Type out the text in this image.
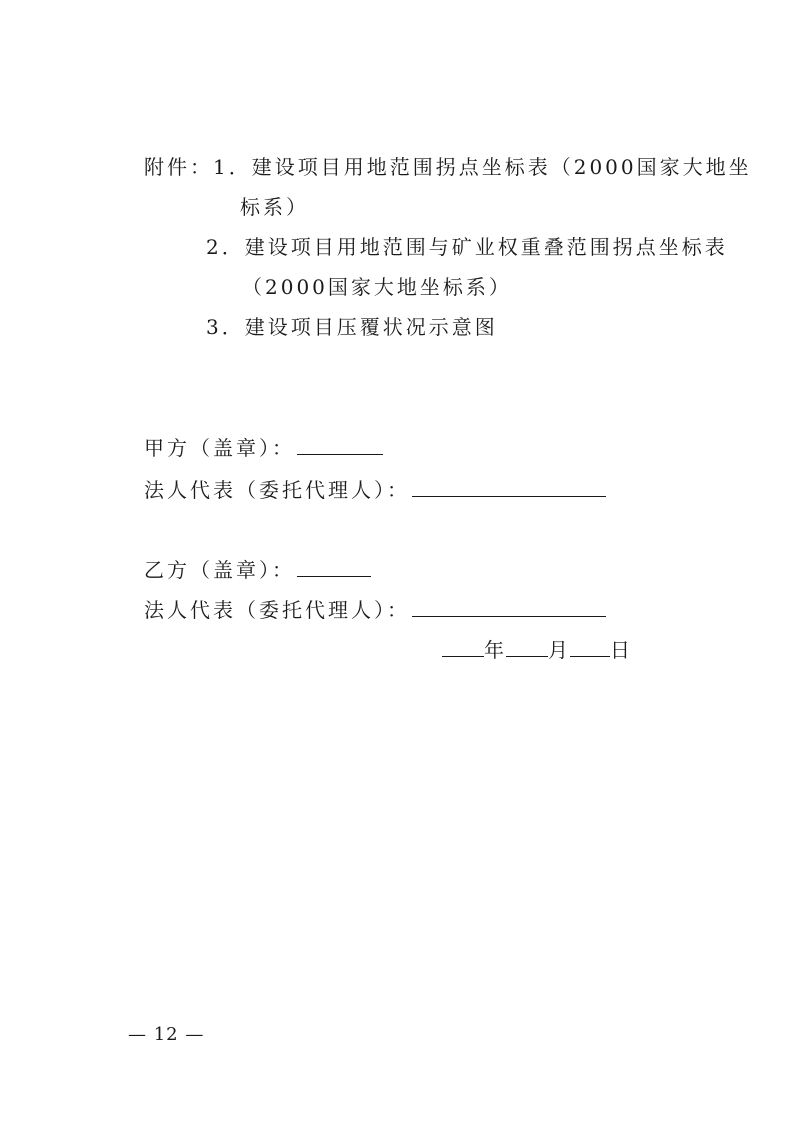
附件：1．建设项目用地范围拐点坐标表（2000国家大地坐
标系）
2．建设项目用地范围与矿业权重叠范围拐点坐标表
（2000国家大地坐标系）
3．建设项目压覆状况示意图
甲方（盖章）：
法人代表（委托代理人）：
乙方（盖章）：
法人代表（委托代理人）：
年 月 日
— 12 —
